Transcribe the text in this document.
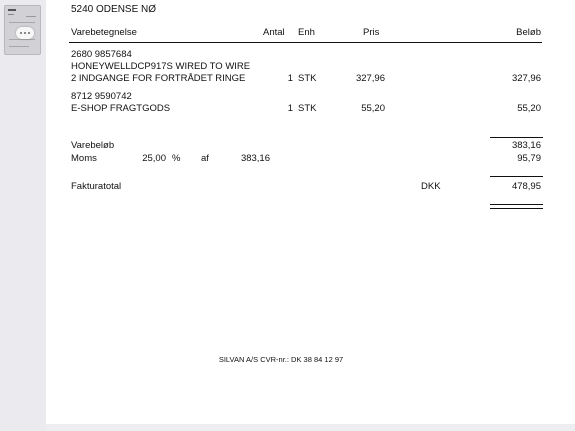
5240 ODENSE NØ
Varebetegnelse	Antal Enh	Pris	Beløb
2680 9857684
HONEYWELLDCP917S WIRED TO WIRE
2 INDGANGE FOR FORTRÅDET RINGE	1 STK	327,96	327,96
8712 9590742
E-SHOP FRAGTGODS	1 STK	55,20	55,20
Varebeløb	383,16
Moms	25,00 % af	383,16	95,79
Fakturatotal	DKK	478,95
SILVAN A/S CVR-nr.: DK 38 84 12 97
